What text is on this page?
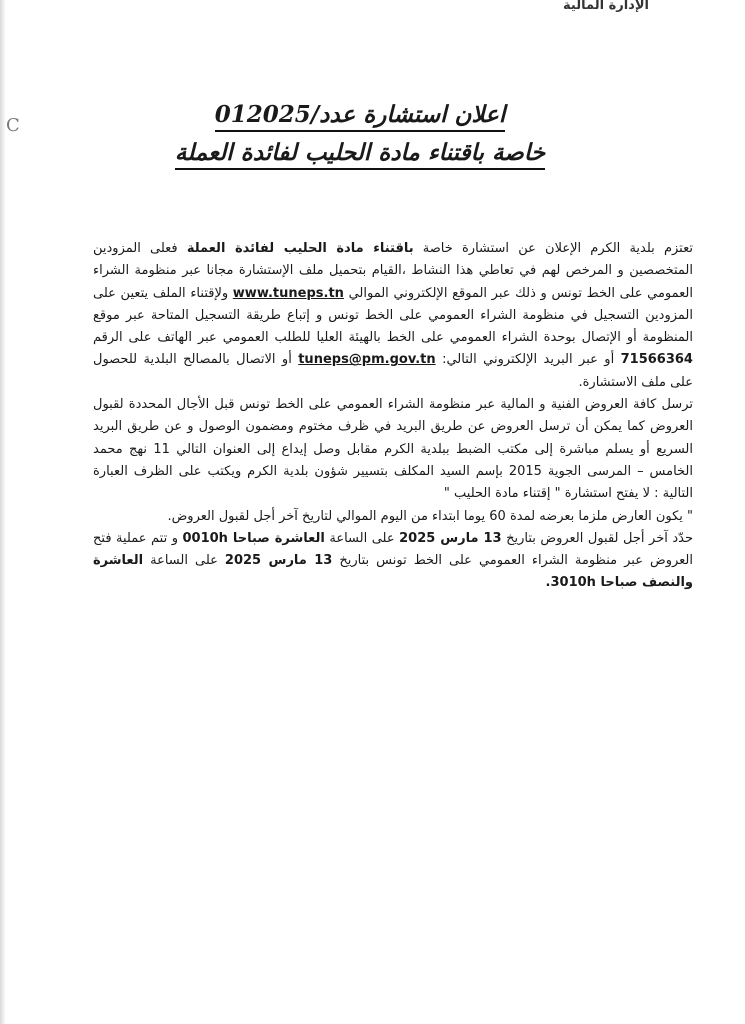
الإدارة المالية
C	اعلان استشارة عدد/012025
خاصة باقتناء مادة الحليب لفائدة العملة
تعتزم بلدية الكرم الإعلان عن استشارة خاصة باقتناء مادة الحليب لفائدة العملة فعلى المزودين المتخصصين و المرخص لهم في تعاطي هذا النشاط ،القيام بتحميل ملف الإستشارة مجانا عبر منظومة الشراء العمومي على الخط تونس و ذلك عبر الموقع الإلكتروني الموالي www.tuneps.tn ولإقتناء الملف يتعين على المزودين التسجيل في منظومة الشراء العمومي على الخط تونس و إتباع طريقة التسجيل المتاحة عبر موقع المنظومة أو الإتصال بوحدة الشراء العمومي على الخط بالهيئة العليا للطلب العمومي عبر الهاتف على الرقم 71566364 أو عبر البريد الإلكتروني التالي: tuneps@pm.gov.tn أو الاتصال بالمصالح البلدية للحصول على ملف الاستشارة.
ترسل كافة العروض الفنية و المالية عبر منظومة الشراء العمومي على الخط تونس قبل الأجال المحددة لقبول العروض كما يمكن أن ترسل العروض عن طريق البريد في ظرف مختوم ومضمون الوصول و عن طريق البريد السريع أو يسلم مباشرة إلى مكتب الضبط ببلدية الكرم مقابل وصل إيداع إلى العنوان التالي 11 نهج محمد الخامس – المرسى الجوية 2015 بإسم السيد المكلف بتسيير شؤون بلدية الكرم ويكتب على الظرف العبارة التالية : لا يفتح استشارة " إقتناء مادة الحليب "
" يكون العارض ملزما بعرضه لمدة 60 يوما ابتداء من اليوم الموالي لتاريخ آخر أجل لقبول العروض.
حدّد آخر أجل لقبول العروض بتاريخ 13 مارس 2025 على الساعة العاشرة صباحا 0010h و تتم عملية فتح العروض عبر منظومة الشراء العمومي على الخط تونس بتاريخ 13 مارس 2025 على الساعة العاشرة والنصف صباحا 3010h.
